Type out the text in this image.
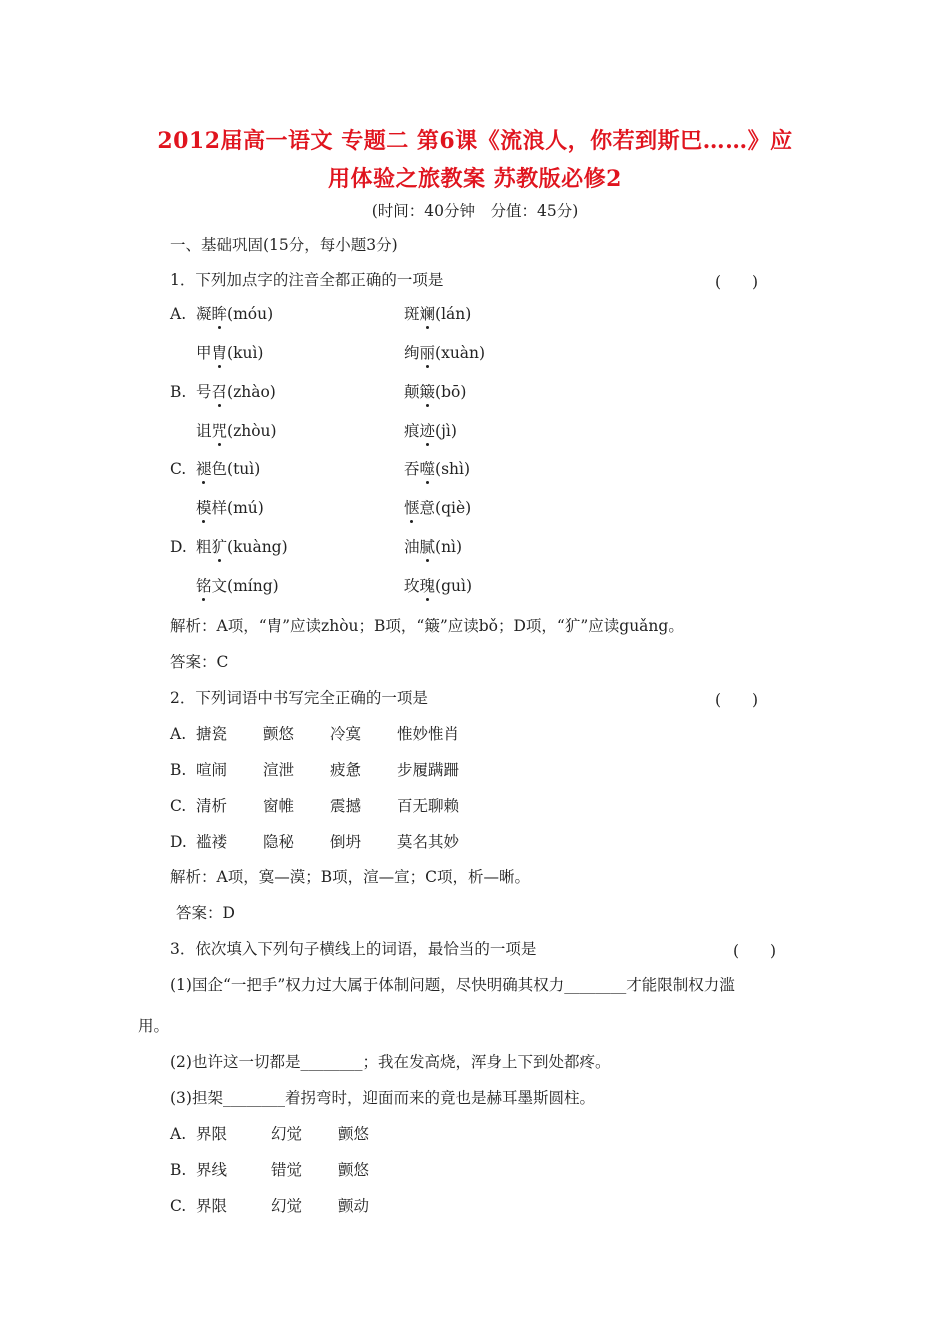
2012届高一语文 专题二 第6课《流浪人，你若到斯巴……》应
用体验之旅教案 苏教版必修2
(时间：40分钟　分值：45分)
一、基础巩固(15分，每小题3分)
1．下列加点字的注音全都正确的一项是	(　　)
A. 凝眸(móu)	斑斓(lán)
甲胄(kuì)	绚丽(xuàn)
B. 号召(zhào)	颠簸(bō)
诅咒(zhòu)	痕迹(jì)
C. 褪色(tuì)	吞噬(shì)
模样(mú)	惬意(qiè)
D. 粗犷(kuàng)	油腻(nì)
铭文(míng)	玫瑰(guì)
解析：A项，“胄”应读zhòu；B项，“簸”应读bǒ；D项，“犷”应读guǎng。
答案：C
2．下列词语中书写完全正确的一项是	(　　)
A. 搪瓷 颤悠 冷寞 惟妙惟肖
B. 喧闹 渲泄 疲惫 步履蹒跚
C. 清析 窗帷 震撼 百无聊赖
D. 褴褛 隐秘 倒坍 莫名其妙
解析：A项，寞—漠；B项，渲—宣；C项，析—晰。
答案：D
3．依次填入下列句子横线上的词语，最恰当的一项是	(　　)
(1)国企“一把手”权力过大属于体制问题，尽快明确其权力________才能限制权力滥
用。
(2)也许这一切都是________；我在发高烧，浑身上下到处都疼。
(3)担架________着拐弯时，迎面而来的竟也是赫耳墨斯圆柱。
A. 界限	幻觉 颤悠
B. 界线	错觉 颤悠
C. 界限	幻觉 颤动
